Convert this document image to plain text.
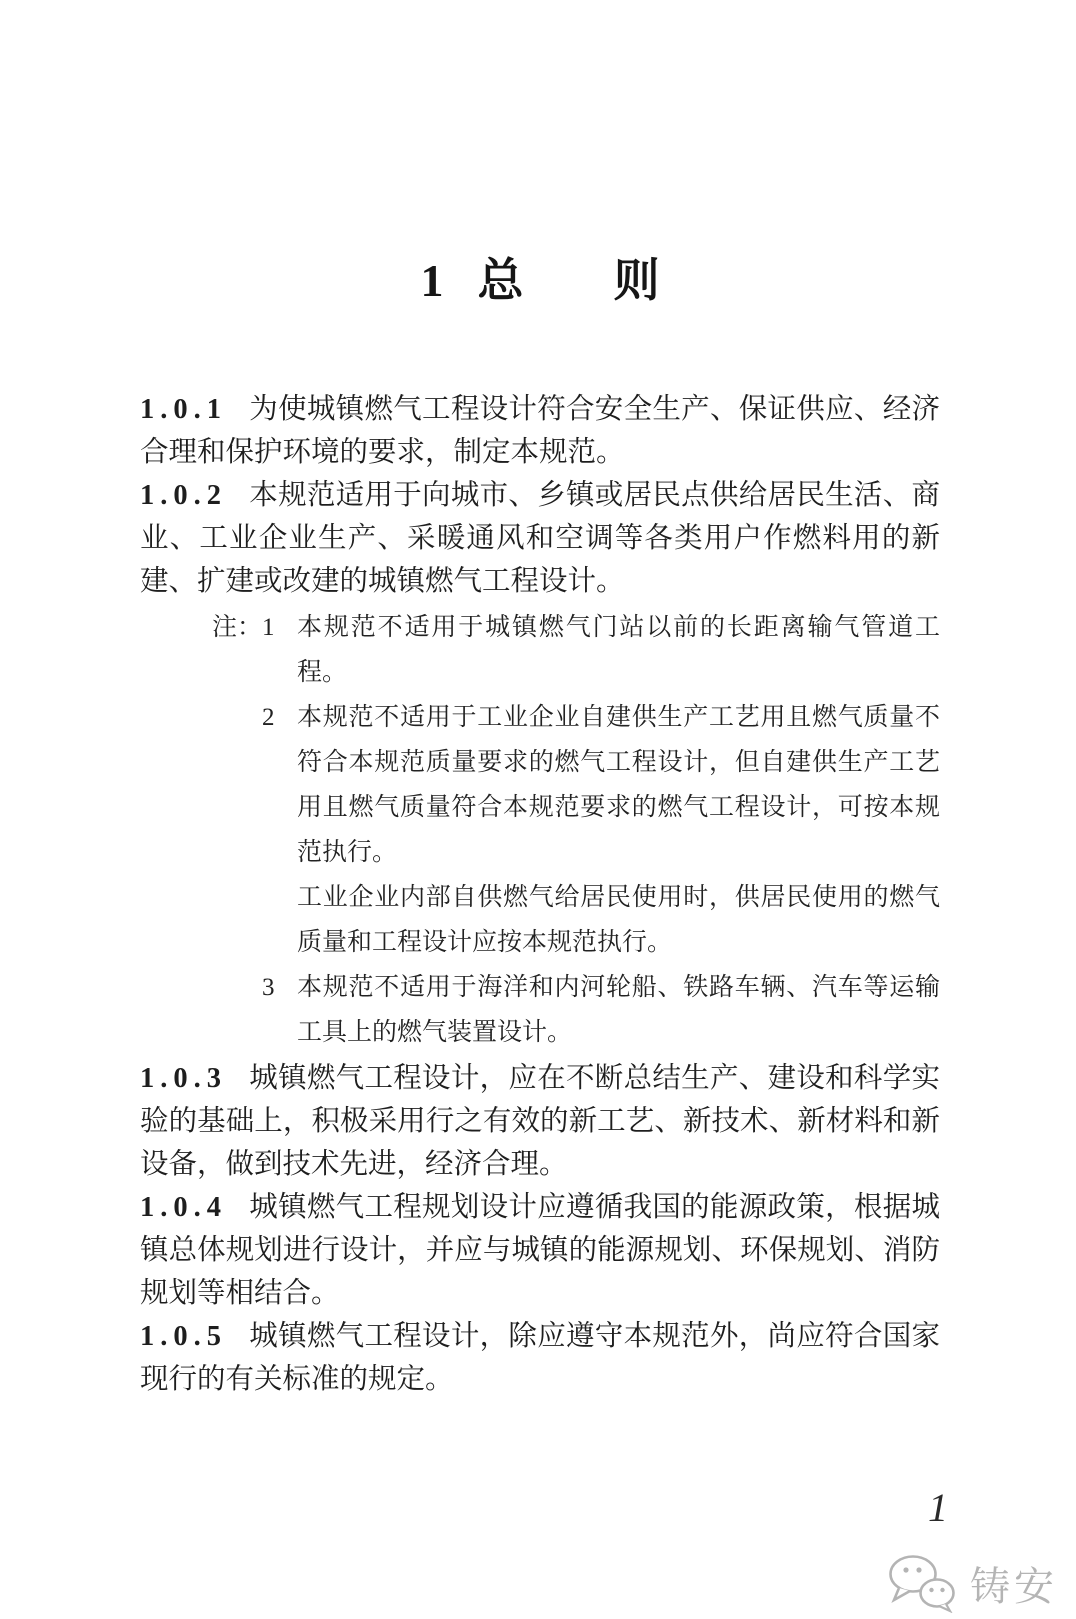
1 总 则

1.0.1 为使城镇燃气工程设计符合安全生产、保证供应、经济合理和保护环境的要求，制定本规范。

1.0.2 本规范适用于向城市、乡镇或居民点供给居民生活、商业、工业企业生产、采暖通风和空调等各类用户作燃料用的新建、扩建或改建的城镇燃气工程设计。

注： 1 本规范不适用于城镇燃气门站以前的长距离输气管道工程。

2 本规范不适用于工业企业自建供生产工艺用且燃气质量不符合本规范质量要求的燃气工程设计，但自建供生产工艺用且燃气质量符合本规范要求的燃气工程设计，可按本规范执行。

工业企业内部自供燃气给居民使用时，供居民使用的燃气质量和工程设计应按本规范执行。

3 本规范不适用于海洋和内河轮船、铁路车辆、汽车等运输工具上的燃气装置设计。

1.0.3 城镇燃气工程设计，应在不断总结生产、建设和科学实验的基础上，积极采用行之有效的新工艺、新技术、新材料和新设备，做到技术先进，经济合理。

1.0.4 城镇燃气工程规划设计应遵循我国的能源政策，根据城镇总体规划进行设计，并应与城镇的能源规划、环保规划、消防规划等相结合。

1.0.5 城镇燃气工程设计，除应遵守本规范外，尚应符合国家现行的有关标准的规定。

1
铸安
